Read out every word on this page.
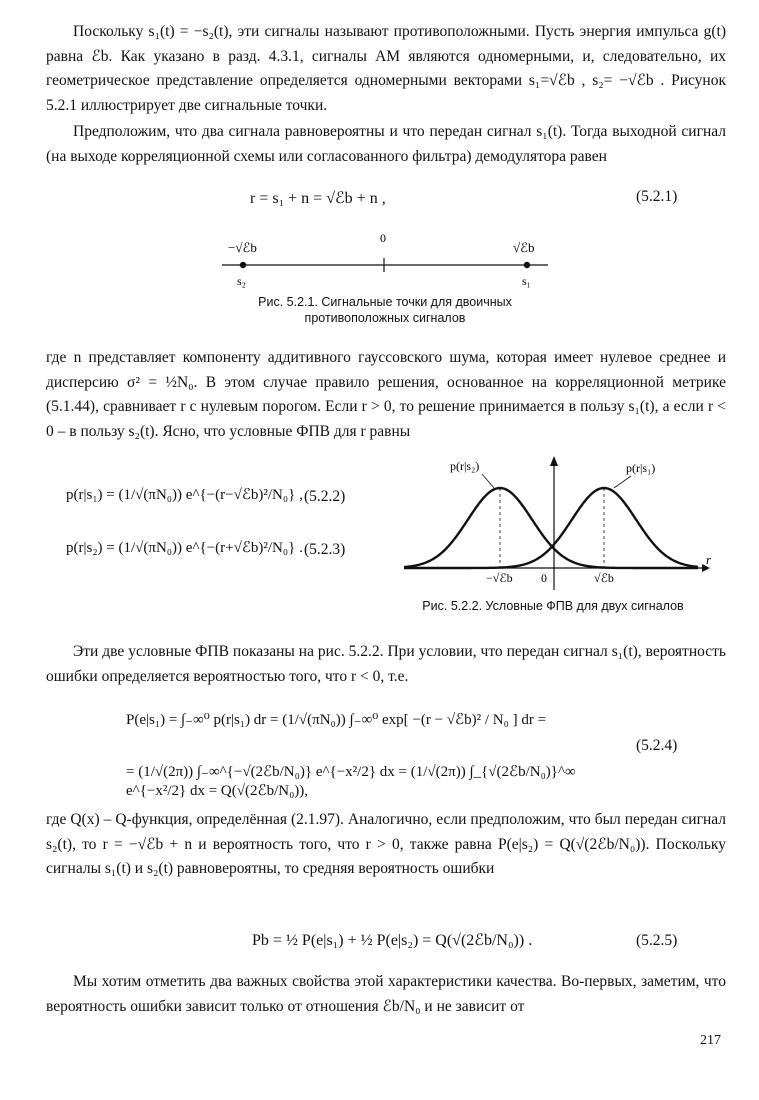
Поскольку s₁(t) = −s₂(t), эти сигналы называют противоположными. Пусть энергия импульса g(t) равна ℰb. Как указано в разд. 4.3.1, сигналы АМ являются одномерными, и, следовательно, их геометрическое представление определяется одномерными векторами s₁=√ℰb , s₂= −√ℰb . Рисунок 5.2.1 иллюстрирует две сигнальные точки.
Предположим, что два сигнала равновероятны и что передан сигнал s₁(t). Тогда выходной сигнал (на выходе корреляционной схемы или согласованного фильтра) демодулятора равен
r = s₁ + n = √ℰb + n ,	(5.2.1)
−√ℰb
0
√ℰb
s₂	s₁
Рис. 5.2.1. Сигнальные точки для двоичных противоположных сигналов
где n представляет компоненту аддитивного гауссовского шума, которая имеет нулевое среднее и дисперсию σ² = ½N₀. В этом случае правило решения, основанное на корреляционной метрике (5.1.44), сравнивает r с нулевым порогом. Если r > 0, то решение принимается в пользу s₁(t), а если r < 0 – в пользу s₂(t). Ясно, что условные ФПВ для r равны
p(r|s₁) = (1/√(πN₀)) e^{−(r−√ℰb)²/N₀} , (5.2.2)
p(r|s₂) = (1/√(πN₀)) e^{−(r+√ℰb)²/N₀} . (5.2.3)
p(r|s₂)	p(r|s₁)
r
−√ℰb 0	√ℰb
Рис. 5.2.2. Условные ФПВ для двух сигналов
Эти две условные ФПВ показаны на рис. 5.2.2. При условии, что передан сигнал s₁(t), вероятность ошибки определяется вероятностью того, что r < 0, т.е.
P(e|s₁) = ∫₋∞⁰ p(r|s₁) dr = (1/√(πN₀)) ∫₋∞⁰ exp[ −(r − √ℰb)² / N₀ ] dr =
= (1/√(2π)) ∫₋∞^{−√(2ℰb/N₀)} e^{−x²/2} dx = (1/√(2π)) ∫_{√(2ℰb/N₀)}^∞ e^{−x²/2} dx = Q(√(2ℰb/N₀)),
(5.2.4)
где Q(x) – Q-функция, определённая (2.1.97). Аналогично, если предположим, что был передан сигнал s₂(t), то r = −√ℰb + n и вероятность того, что r > 0, также равна P(e|s₂) = Q(√(2ℰb/N₀)). Поскольку сигналы s₁(t) и s₂(t) равновероятны, то средняя вероятность ошибки
Pb = ½ P(e|s₁) + ½ P(e|s₂) = Q(√(2ℰb/N₀)) .	(5.2.5)
Мы хотим отметить два важных свойства этой характеристики качества. Во-первых, заметим, что вероятность ошибки зависит только от отношения ℰb/N₀ и не зависит от
217
